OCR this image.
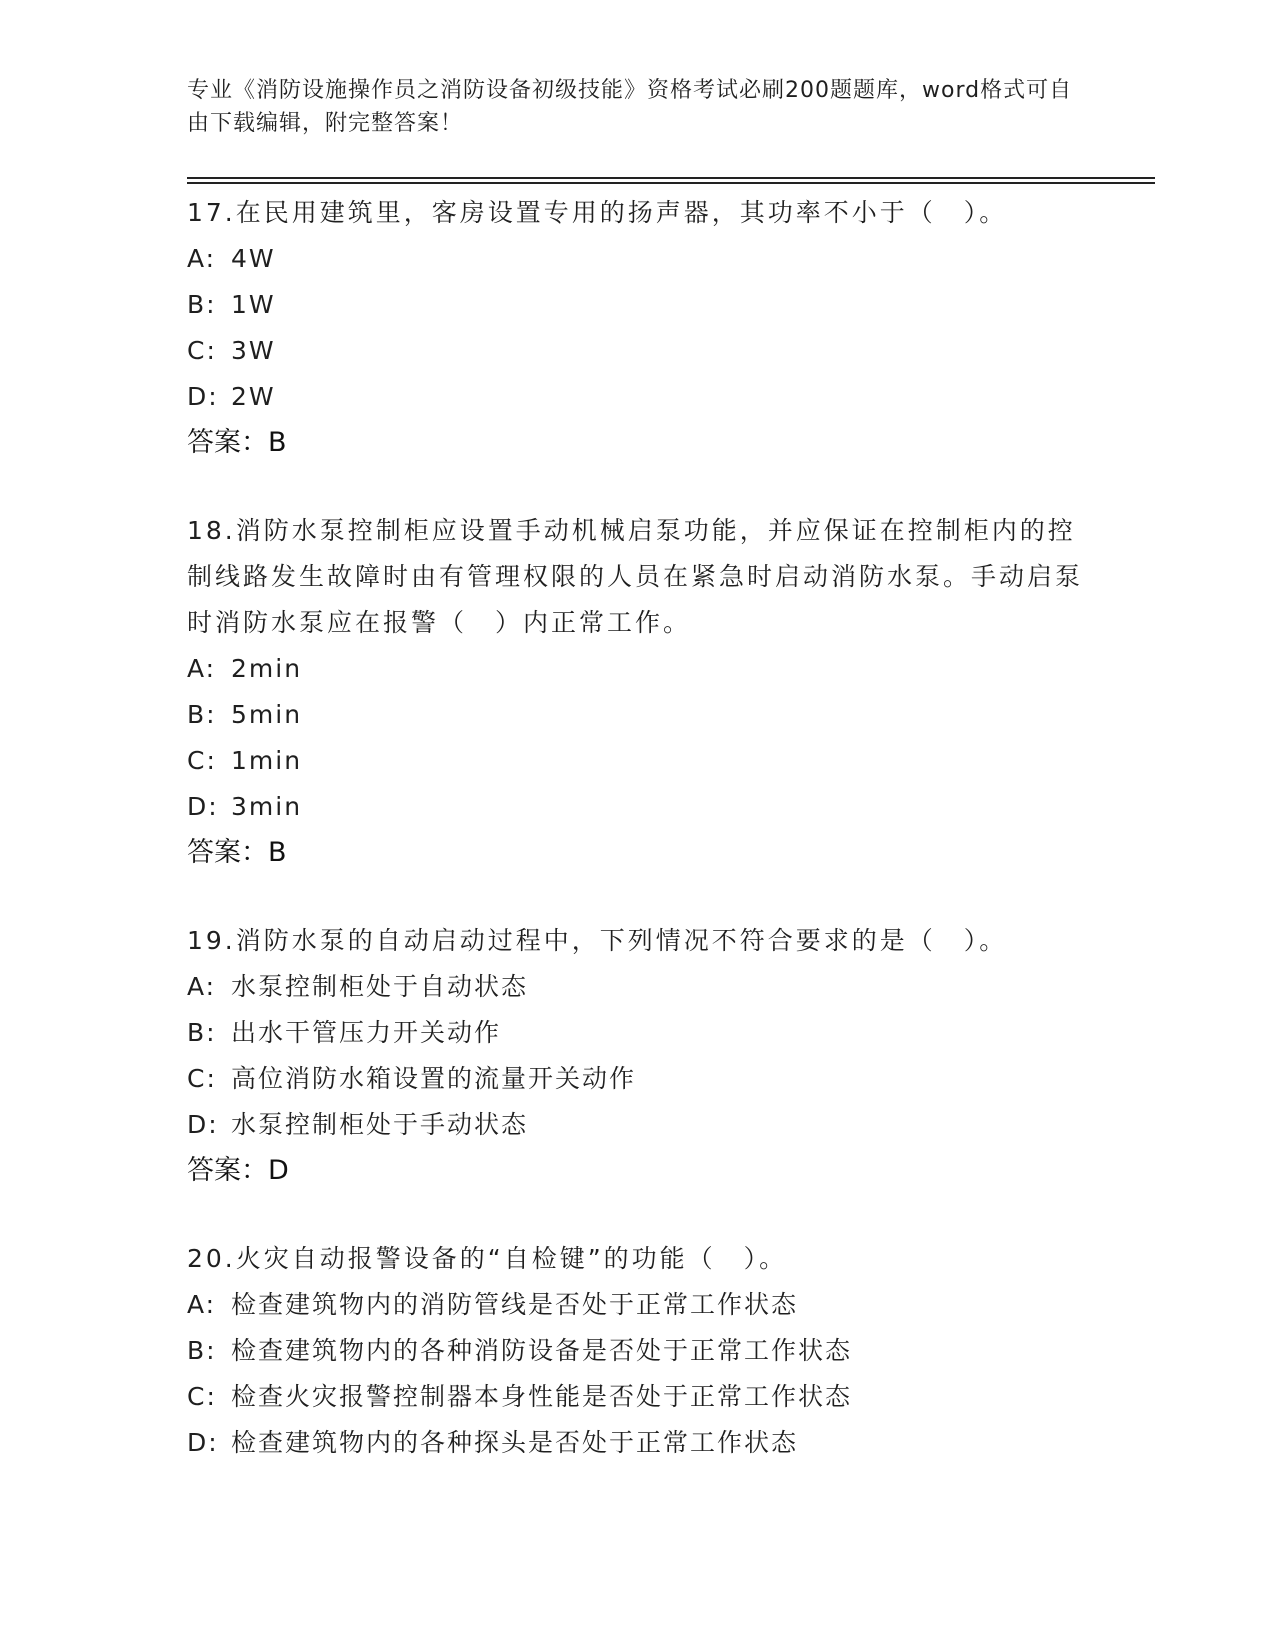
专业《消防设施操作员之消防设备初级技能》资格考试必刷200题题库，word格式可自由下载编辑，附完整答案！

17.在民用建筑里，客房设置专用的扬声器，其功率不小于（　）。

A: 4W

B: 1W

C: 3W

D: 2W

答案：B

18.消防水泵控制柜应设置手动机械启泵功能，并应保证在控制柜内的控制线路发生故障时由有管理权限的人员在紧急时启动消防水泵。手动启泵时消防水泵应在报警（　）内正常工作。

A: 2min

B: 5min

C: 1min

D: 3min

答案：B

19.消防水泵的自动启动过程中，下列情况不符合要求的是（　）。

A: 水泵控制柜处于自动状态

B: 出水干管压力开关动作

C: 高位消防水箱设置的流量开关动作

D: 水泵控制柜处于手动状态

答案：D

20.火灾自动报警设备的“自检键”的功能（　）。

A: 检查建筑物内的消防管线是否处于正常工作状态

B: 检查建筑物内的各种消防设备是否处于正常工作状态

C: 检查火灾报警控制器本身性能是否处于正常工作状态

D: 检查建筑物内的各种探头是否处于正常工作状态
